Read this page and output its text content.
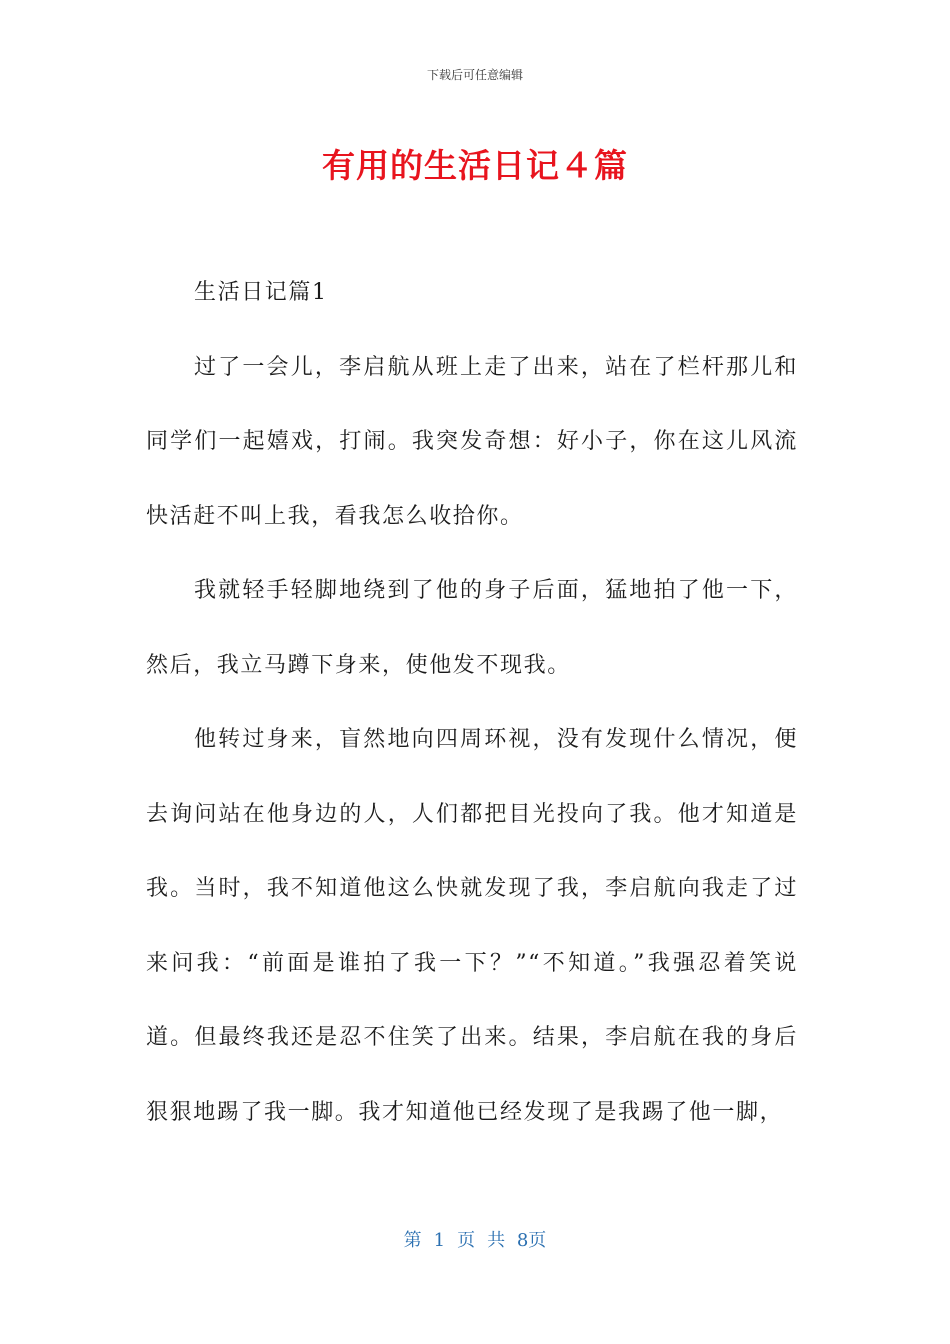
下载后可任意编辑
有用的生活日记４篇

生活日记篇1

过了一会儿，李启航从班上走了出来，站在了栏杆那儿和同学们一起嬉戏，打闹。我突发奇想：好小子，你在这儿风流快活赶不叫上我，看我怎么收拾你。

我就轻手轻脚地绕到了他的身子后面，猛地拍了他一下，然后，我立马蹲下身来，使他发不现我。

他转过身来，盲然地向四周环视，没有发现什么情况，便去询问站在他身边的人，人们都把目光投向了我。他才知道是我。当时，我不知道他这么快就发现了我，李启航向我走了过来问我：“前面是谁拍了我一下？”“不知道。”我强忍着笑说道。但最终我还是忍不住笑了出来。结果，李启航在我的身后狠狠地踢了我一脚。我才知道他已经发现了是我踢了他一脚，

第 1 页 共 8页
